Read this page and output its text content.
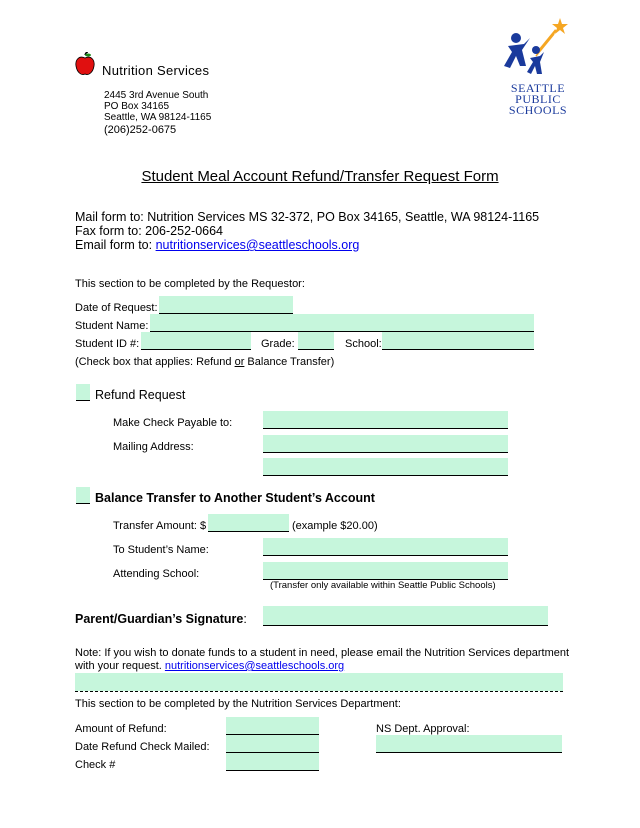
Nutrition Services
2445 3rd Avenue South
PO Box 34165
Seattle, WA 98124-1165
(206)252-0675
SEATTLE
PUBLIC
SCHOOLS
Student Meal Account Refund/Transfer Request Form
Mail form to: Nutrition Services MS 32-372, PO Box 34165, Seattle, WA 98124-1165
Fax form to: 206-252-0664
Email form to: nutritionservices@seattleschools.org
This section to be completed by the Requestor:
Date of Request:
Student Name:
Student ID #:	Grade:	School:
(Check box that applies: Refund or Balance Transfer)
Refund Request
Make Check Payable to:
Mailing Address:
Balance Transfer to Another Student’s Account
Transfer Amount: $	(example $20.00)
To Student’s Name:
Attending School:
(Transfer only available within Seattle Public Schools)
Parent/Guardian’s Signature:
Note: If you wish to donate funds to a student in need, please email the Nutrition Services department
with your request. nutritionservices@seattleschools.org
This section to be completed by the Nutrition Services Department:
Amount of Refund:	NS Dept. Approval:
Date Refund Check Mailed:
Check #
